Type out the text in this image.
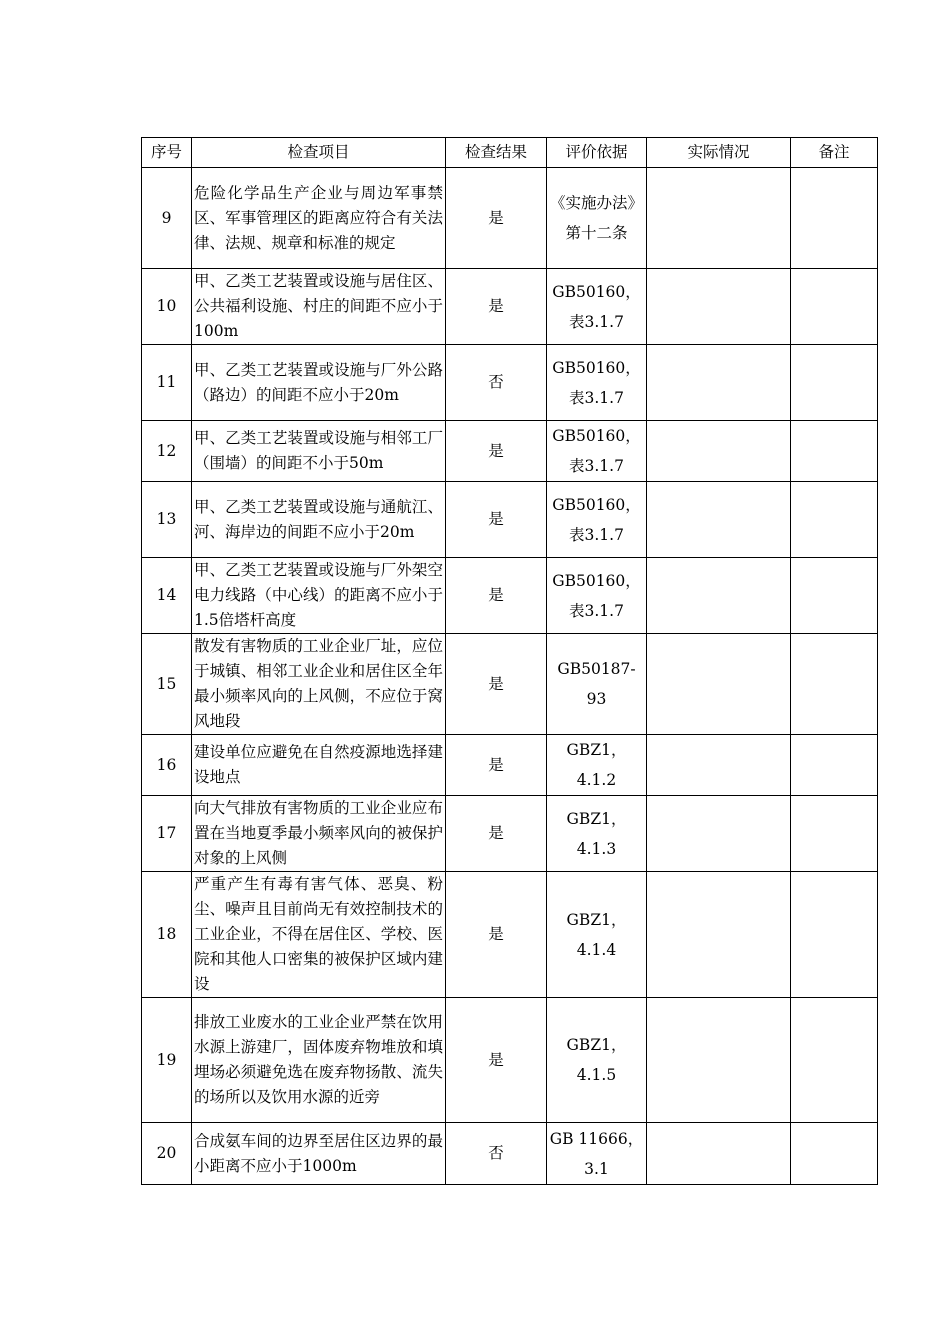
序号	检查项目	检查结果	评价依据	实际情况	备注
9	危险化学品生产企业与周边军事禁区、军事管理区的距离应符合有关法律、法规、规章和标准的规定	是	《实施办法》第十二条		
10	甲、乙类工艺装置或设施与居住区、公共福利设施、村庄的间距不应小于100m	是	GB50160，表3.1.7		
11	甲、乙类工艺装置或设施与厂外公路（路边）的间距不应小于20m	否	GB50160，表3.1.7		
12	甲、乙类工艺装置或设施与相邻工厂（围墙）的间距不小于50m	是	GB50160，表3.1.7		
13	甲、乙类工艺装置或设施与通航江、河、海岸边的间距不应小于20m	是	GB50160，表3.1.7		
14	甲、乙类工艺装置或设施与厂外架空电力线路（中心线）的距离不应小于1.5倍塔杆高度	是	GB50160，表3.1.7		
15	散发有害物质的工业企业厂址，应位于城镇、相邻工业企业和居住区全年最小频率风向的上风侧，不应位于窝风地段	是	GB50187-93		
16	建设单位应避免在自然疫源地选择建设地点	是	GBZ1，4.1.2		
17	向大气排放有害物质的工业企业应布置在当地夏季最小频率风向的被保护对象的上风侧	是	GBZ1，4.1.3		
18	严重产生有毒有害气体、恶臭、粉尘、噪声且目前尚无有效控制技术的工业企业，不得在居住区、学校、医院和其他人口密集的被保护区域内建设	是	GBZ1，4.1.4		
19	排放工业废水的工业企业严禁在饮用水源上游建厂，固体废弃物堆放和填埋场必须避免选在废弃物扬散、流失的场所以及饮用水源的近旁	是	GBZ1，4.1.5		
20	合成氨车间的边界至居住区边界的最小距离不应小于1000m	否	GB 11666，3.1		
